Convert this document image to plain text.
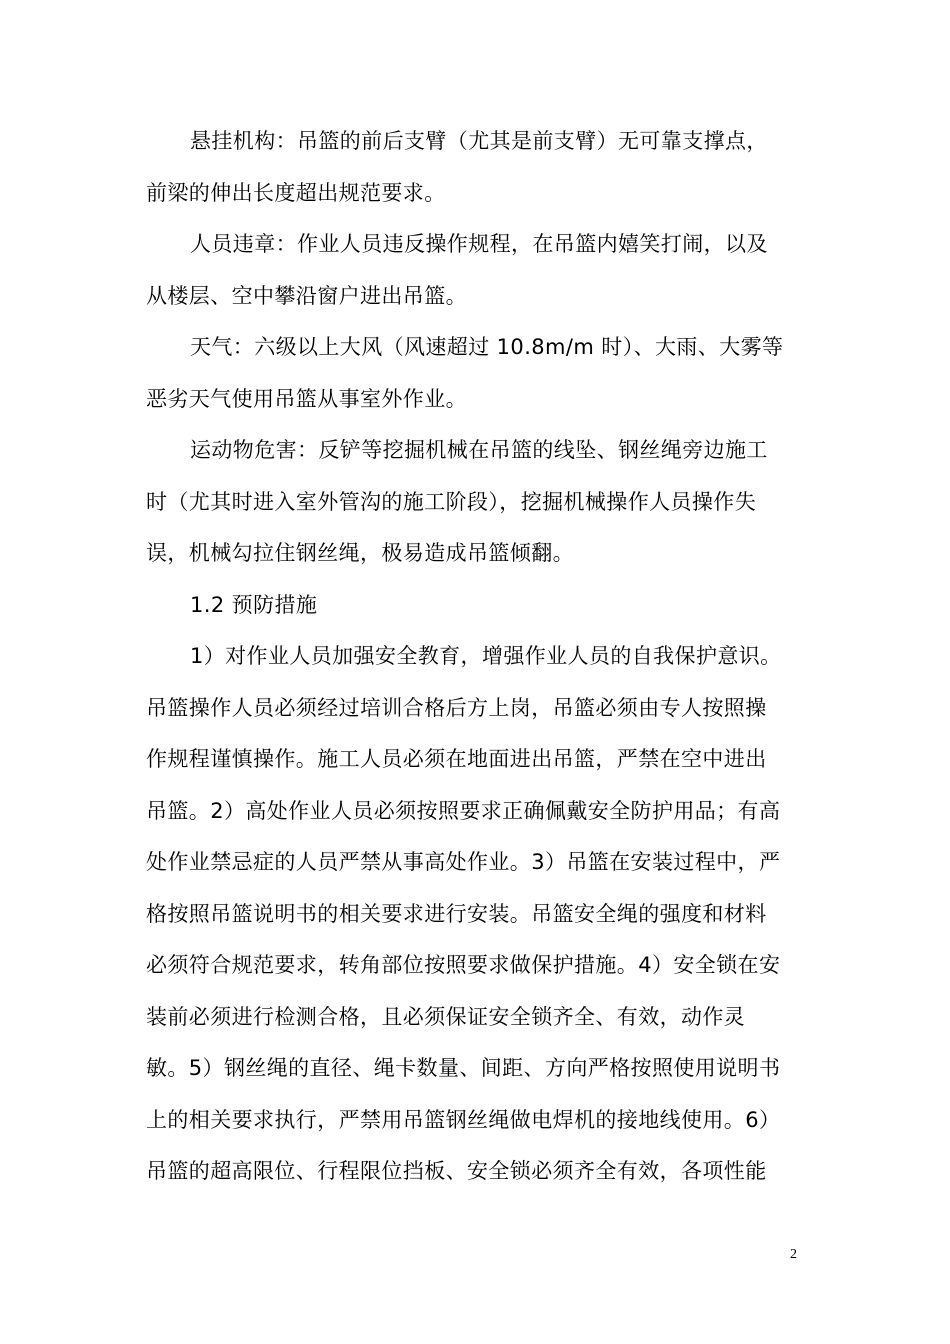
悬挂机构：吊篮的前后支臂（尤其是前支臂）无可靠支撑点，
前梁的伸出长度超出规范要求。
人员违章：作业人员违反操作规程，在吊篮内嬉笑打闹，以及
从楼层、空中攀沿窗户进出吊篮。
天气：六级以上大风（风速超过 10.8m/m 时）、大雨、大雾等
恶劣天气使用吊篮从事室外作业。
运动物危害：反铲等挖掘机械在吊篮的线坠、钢丝绳旁边施工
时（尤其时进入室外管沟的施工阶段），挖掘机械操作人员操作失
误，机械勾拉住钢丝绳，极易造成吊篮倾翻。
1.2 预防措施
1）对作业人员加强安全教育，增强作业人员的自我保护意识。
吊篮操作人员必须经过培训合格后方上岗，吊篮必须由专人按照操
作规程谨慎操作。施工人员必须在地面进出吊篮，严禁在空中进出
吊篮。2）高处作业人员必须按照要求正确佩戴安全防护用品；有高
处作业禁忌症的人员严禁从事高处作业。3）吊篮在安装过程中，严
格按照吊篮说明书的相关要求进行安装。吊篮安全绳的强度和材料
必须符合规范要求，转角部位按照要求做保护措施。4）安全锁在安
装前必须进行检测合格，且必须保证安全锁齐全、有效，动作灵
敏。5）钢丝绳的直径、绳卡数量、间距、方向严格按照使用说明书
上的相关要求执行，严禁用吊篮钢丝绳做电焊机的接地线使用。6）
吊篮的超高限位、行程限位挡板、安全锁必须齐全有效，各项性能
2
